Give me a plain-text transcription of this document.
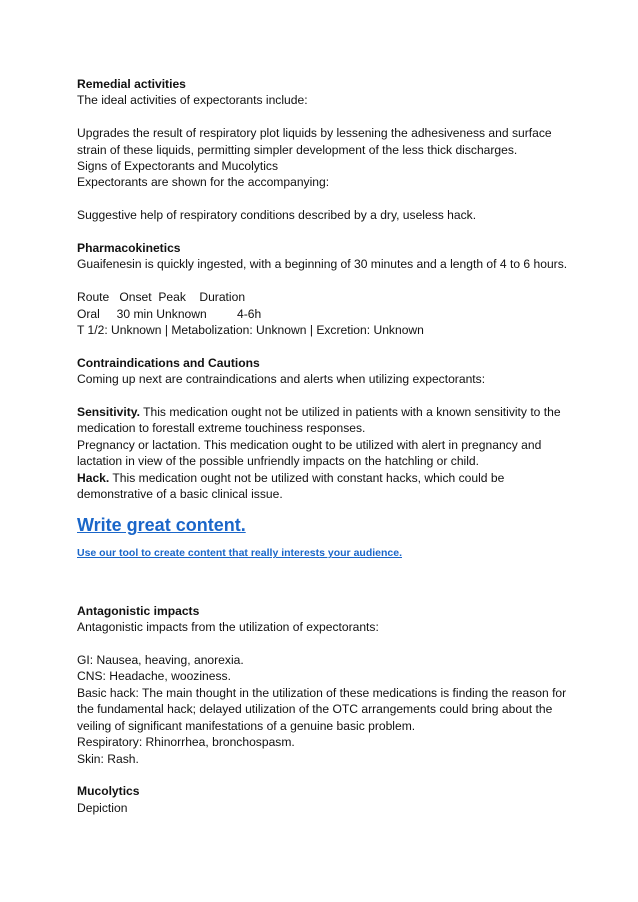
Remedial activities
The ideal activities of expectorants include:
Upgrades the result of respiratory plot liquids by lessening the adhesiveness and surface
strain of these liquids, permitting simpler development of the less thick discharges.
Signs of Expectorants and Mucolytics
Expectorants are shown for the accompanying:
Suggestive help of respiratory conditions described by a dry, useless hack.
Pharmacokinetics
Guaifenesin is quickly ingested, with a beginning of 30 minutes and a length of 4 to 6 hours.
Route   Onset  Peak    Duration
Oral     30 min Unknown         4-6h
T 1/2: Unknown | Metabolization: Unknown | Excretion: Unknown
Contraindications and Cautions
Coming up next are contraindications and alerts when utilizing expectorants:
Sensitivity. This medication ought not be utilized in patients with a known sensitivity to the
medication to forestall extreme touchiness responses.
Pregnancy or lactation. This medication ought to be utilized with alert in pregnancy and
lactation in view of the possible unfriendly impacts on the hatchling or child.
Hack. This medication ought not be utilized with constant hacks, which could be
demonstrative of a basic clinical issue.
Write great content.
Use our tool to create content that really interests your audience.
Antagonistic impacts
Antagonistic impacts from the utilization of expectorants:
GI: Nausea, heaving, anorexia.
CNS: Headache, wooziness.
Basic hack: The main thought in the utilization of these medications is finding the reason for
the fundamental hack; delayed utilization of the OTC arrangements could bring about the
veiling of significant manifestations of a genuine basic problem.
Respiratory: Rhinorrhea, bronchospasm.
Skin: Rash.
Mucolytics
Depiction
